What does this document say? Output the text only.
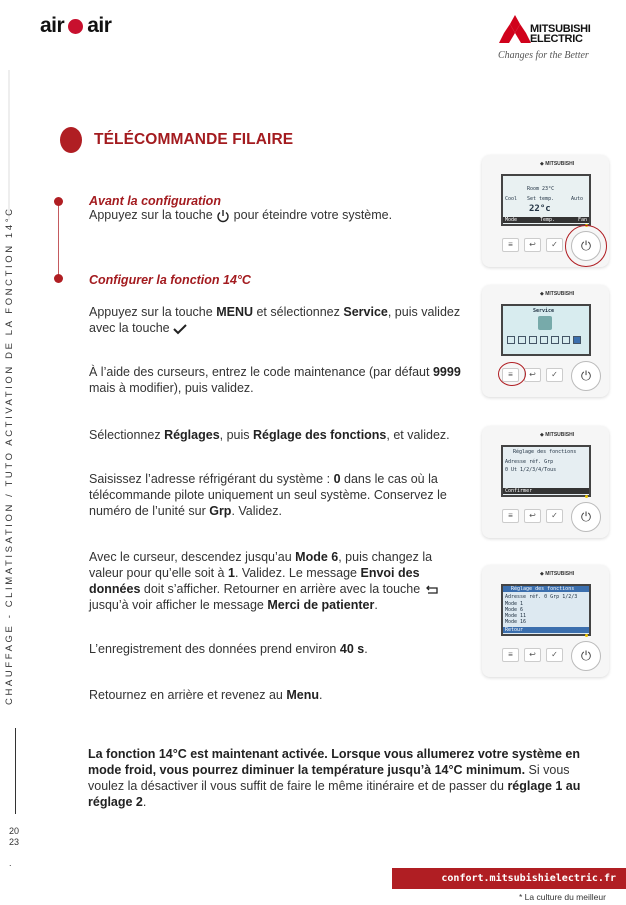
air air	MITSUBISHI
ELECTRIC
Changes for the Better
CHAUFFAGE - CLIMATISATION / TUTO ACTIVATION DE LA FONCTION 14°C
20
23
.
TÉLÉCOMMANDE FILAIRE
Avant la configuration
Appuyez sur la touche pour éteindre votre système.
Configurer la fonction 14°C
Appuyez sur la touche MENU et sélectionnez Service, puis validez avec la touche
À l’aide des curseurs, entrez le code maintenance (par défaut 9999 mais à modifier), puis validez.
Sélectionnez Réglages, puis Réglage des fonctions, et validez.
Saisissez l’adresse réfrigérant du système : 0 dans le cas où la télécommande pilote uniquement un seul système. Conservez le numéro de l’unité sur Grp. Validez.
Avec le curseur, descendez jusqu’au Mode 6, puis changez la valeur pour qu’elle soit à 1. Validez. Le message Envoi des données doit s’afficher. Retourner en arrière avec la touche  jusqu’à voir afficher le message Merci de patienter.
L’enregistrement des données prend environ 40 s.
Retournez en arrière et revenez au Menu.
La fonction 14°C est maintenant activée. Lorsque vous allumerez votre système en mode froid, vous pourrez diminuer la température jusqu’à 14°C minimum. Si vous voulez la désactiver il vous suffit de faire le même itinéraire et de passer du réglage 1 au réglage 2.
◆ MITSUBISHI
Room 23°C
Cool Set temp.
22°c
Auto
Mode	Temp.	Fan
≡	↩	✓	⏻
◆ MITSUBISHI
Service
≡	↩	✓	⏻
◆ MITSUBISHI
Réglage des fonctions
Adresse réf. Grp
0 Ut 1/2/3/4/Tous
Confirmer
≡	↩	✓	⏻
◆ MITSUBISHI
Réglage des fonctions
Adresse réf. 0 Grp 1/2/3
Mode 1
Mode 6
Mode 11
Mode 16
Retour
≡	↩	✓	⏻
confort.mitsubishielectric.fr
* La culture du meilleur
